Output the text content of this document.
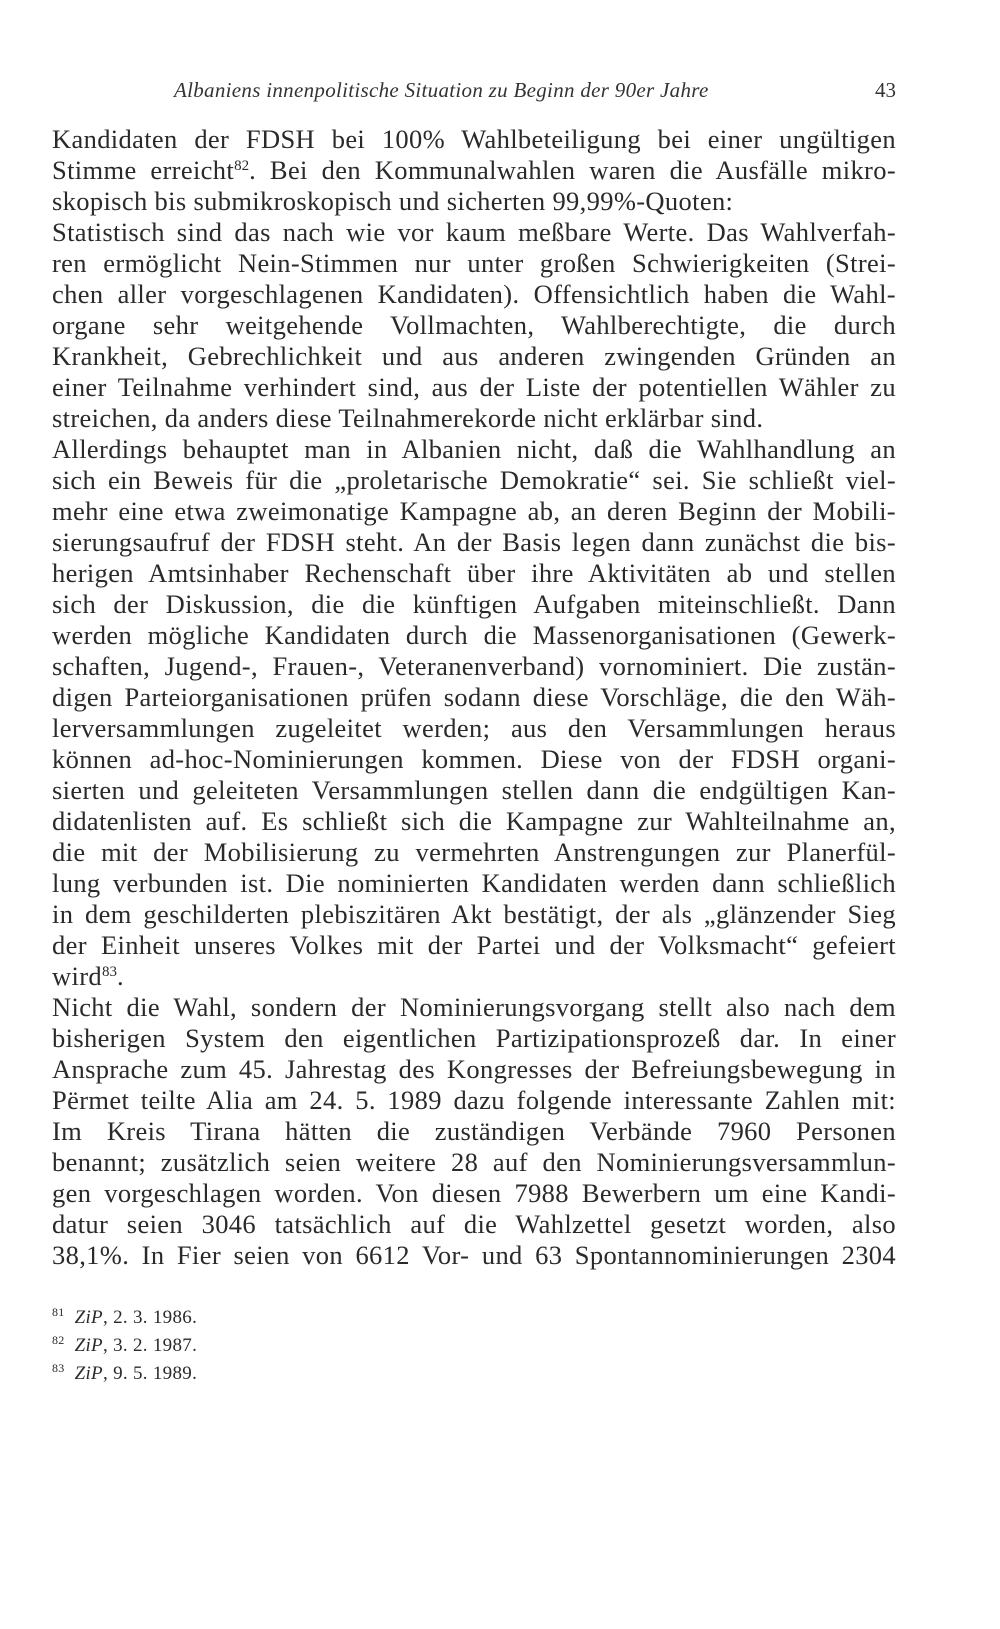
Albaniens innenpolitische Situation zu Beginn der 90er Jahre	43
Kandidaten der FDSH bei 100% Wahlbeteiligung bei einer ungültigen
Stimme erreicht$^{82}$. Bei den Kommunalwahlen waren die Ausfälle mikro-
skopisch bis submikroskopisch und sicherten 99,99%-Quoten:
Statistisch sind das nach wie vor kaum meßbare Werte. Das Wahlverfah-
ren ermöglicht Nein-Stimmen nur unter großen Schwierigkeiten (Strei-
chen aller vorgeschlagenen Kandidaten). Offensichtlich haben die Wahl-
organe sehr weitgehende Vollmachten, Wahlberechtigte, die durch
Krankheit, Gebrechlichkeit und aus anderen zwingenden Gründen an
einer Teilnahme verhindert sind, aus der Liste der potentiellen Wähler zu
streichen, da anders diese Teilnahmerekorde nicht erklärbar sind.
Allerdings behauptet man in Albanien nicht, daß die Wahlhandlung an
sich ein Beweis für die „proletarische Demokratie“ sei. Sie schließt viel-
mehr eine etwa zweimonatige Kampagne ab, an deren Beginn der Mobili-
sierungsaufruf der FDSH steht. An der Basis legen dann zunächst die bis-
herigen Amtsinhaber Rechenschaft über ihre Aktivitäten ab und stellen
sich der Diskussion, die die künftigen Aufgaben miteinschließt. Dann
werden mögliche Kandidaten durch die Massenorganisationen (Gewerk-
schaften, Jugend-, Frauen-, Veteranenverband) vornominiert. Die zustän-
digen Parteiorganisationen prüfen sodann diese Vorschläge, die den Wäh-
lerversammlungen zugeleitet werden; aus den Versammlungen heraus
können ad-hoc-Nominierungen kommen. Diese von der FDSH organi-
sierten und geleiteten Versammlungen stellen dann die endgültigen Kan-
didatenlisten auf. Es schließt sich die Kampagne zur Wahlteilnahme an,
die mit der Mobilisierung zu vermehrten Anstrengungen zur Planerfül-
lung verbunden ist. Die nominierten Kandidaten werden dann schließlich
in dem geschilderten plebiszitären Akt bestätigt, der als „glänzender Sieg
der Einheit unseres Volkes mit der Partei und der Volksmacht“ gefeiert
wird$^{83}$.
Nicht die Wahl, sondern der Nominierungsvorgang stellt also nach dem
bisherigen System den eigentlichen Partizipationsprozeß dar. In einer
Ansprache zum 45. Jahrestag des Kongresses der Befreiungsbewegung in
Përmet teilte Alia am 24. 5. 1989 dazu folgende interessante Zahlen mit:
Im Kreis Tirana hätten die zuständigen Verbände 7960 Personen
benannt; zusätzlich seien weitere 28 auf den Nominierungsversammlun-
gen vorgeschlagen worden. Von diesen 7988 Bewerbern um eine Kandi-
datur seien 3046 tatsächlich auf die Wahlzettel gesetzt worden, also
38,1%. In Fier seien von 6612 Vor- und 63 Spontannominierungen 2304
$^{81}$ ZiP, 2. 3. 1986.
$^{82}$ ZiP, 3. 2. 1987.
$^{83}$ ZiP, 9. 5. 1989.
